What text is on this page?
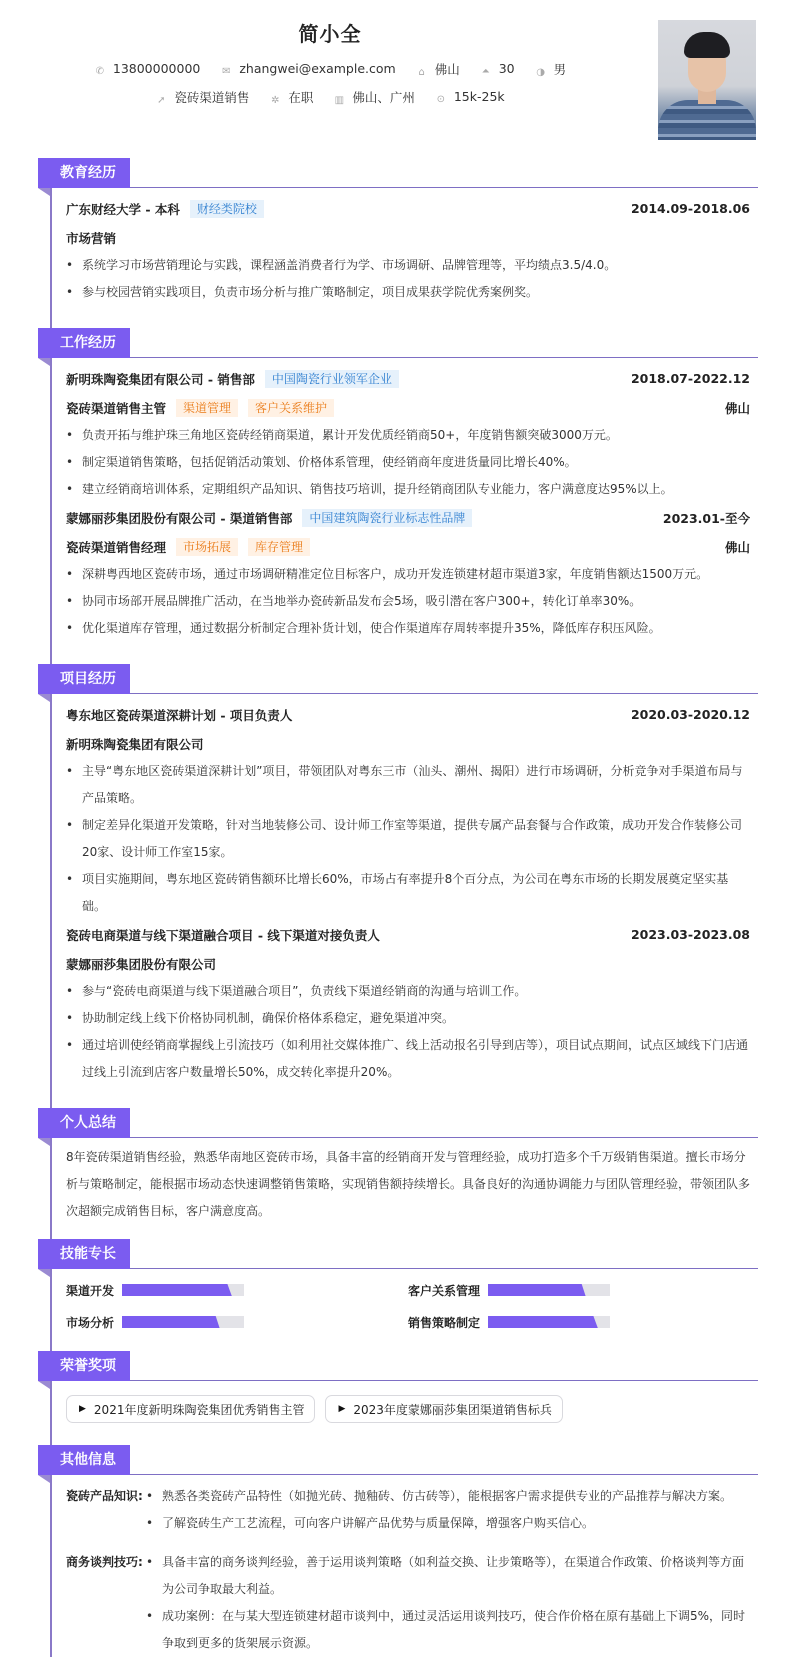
简小全
✆ 13800000000 ✉ zhangwei@example.com ⌂ 佛山 ⏶ 30 ◑ 男
➚ 瓷砖渠道销售 ✲ 在职 ▥ 佛山、广州 ⊙ 15k-25k
教育经历
广东财经大学 - 本科	财经类院校	2014.09-2018.06
市场营销
• 系统学习市场营销理论与实践，课程涵盖消费者行为学、市场调研、品牌管理等，平均绩点3.5/4.0。
• 参与校园营销实践项目，负责市场分析与推广策略制定，项目成果获学院优秀案例奖。
工作经历
新明珠陶瓷集团有限公司 - 销售部	中国陶瓷行业领军企业	2018.07-2022.12
瓷砖渠道销售主管	渠道管理	客户关系维护	佛山
• 负责开拓与维护珠三角地区瓷砖经销商渠道，累计开发优质经销商50+，年度销售额突破3000万元。
• 制定渠道销售策略，包括促销活动策划、价格体系管理，使经销商年度进货量同比增长40%。
• 建立经销商培训体系，定期组织产品知识、销售技巧培训，提升经销商团队专业能力，客户满意度达95%以上。
蒙娜丽莎集团股份有限公司 - 渠道销售部	中国建筑陶瓷行业标志性品牌	2023.01-至今
瓷砖渠道销售经理	市场拓展	库存管理	佛山
• 深耕粤西地区瓷砖市场，通过市场调研精准定位目标客户，成功开发连锁建材超市渠道3家，年度销售额达1500万元。
• 协同市场部开展品牌推广活动，在当地举办瓷砖新品发布会5场，吸引潜在客户300+，转化订单率30%。
• 优化渠道库存管理，通过数据分析制定合理补货计划，使合作渠道库存周转率提升35%，降低库存积压风险。
项目经历
粤东地区瓷砖渠道深耕计划 - 项目负责人	2020.03-2020.12
新明珠陶瓷集团有限公司
• 主导“粤东地区瓷砖渠道深耕计划”项目，带领团队对粤东三市（汕头、潮州、揭阳）进行市场调研，分析竞争对手渠道布局与产品策略。
• 制定差异化渠道开发策略，针对当地装修公司、设计师工作室等渠道，提供专属产品套餐与合作政策，成功开发合作装修公司20家、设计师工作室15家。
• 项目实施期间，粤东地区瓷砖销售额环比增长60%，市场占有率提升8个百分点，为公司在粤东市场的长期发展奠定坚实基础。
瓷砖电商渠道与线下渠道融合项目 - 线下渠道对接负责人	2023.03-2023.08
蒙娜丽莎集团股份有限公司
• 参与“瓷砖电商渠道与线下渠道融合项目”，负责线下渠道经销商的沟通与培训工作。
• 协助制定线上线下价格协同机制，确保价格体系稳定，避免渠道冲突。
• 通过培训使经销商掌握线上引流技巧（如利用社交媒体推广、线上活动报名引导到店等），项目试点期间，试点区域线下门店通过线上引流到店客户数量增长50%，成交转化率提升20%。
个人总结

8年瓷砖渠道销售经验，熟悉华南地区瓷砖市场，具备丰富的经销商开发与管理经验，成功打造多个千万级销售渠道。擅长市场分析与策略制定，能根据市场动态快速调整销售策略，实现销售额持续增长。具备良好的沟通协调能力与团队管理经验，带领团队多次超额完成销售目标，客户满意度高。

技能专长
渠道开发	客户关系管理
市场分析	销售策略制定
荣誉奖项
▶ 2021年度新明珠陶瓷集团优秀销售主管	▶ 2023年度蒙娜丽莎集团渠道销售标兵
其他信息
瓷砖产品知识:	• 熟悉各类瓷砖产品特性（如抛光砖、抛釉砖、仿古砖等），能根据客户需求提供专业的产品推荐与解决方案。
• 了解瓷砖生产工艺流程，可向客户讲解产品优势与质量保障，增强客户购买信心。
商务谈判技巧:	• 具备丰富的商务谈判经验，善于运用谈判策略（如利益交换、让步策略等），在渠道合作政策、价格谈判等方面为公司争取最大利益。
• 成功案例：在与某大型连锁建材超市谈判中，通过灵活运用谈判技巧，使合作价格在原有基础上下调5%，同时争取到更多的货架展示资源。
